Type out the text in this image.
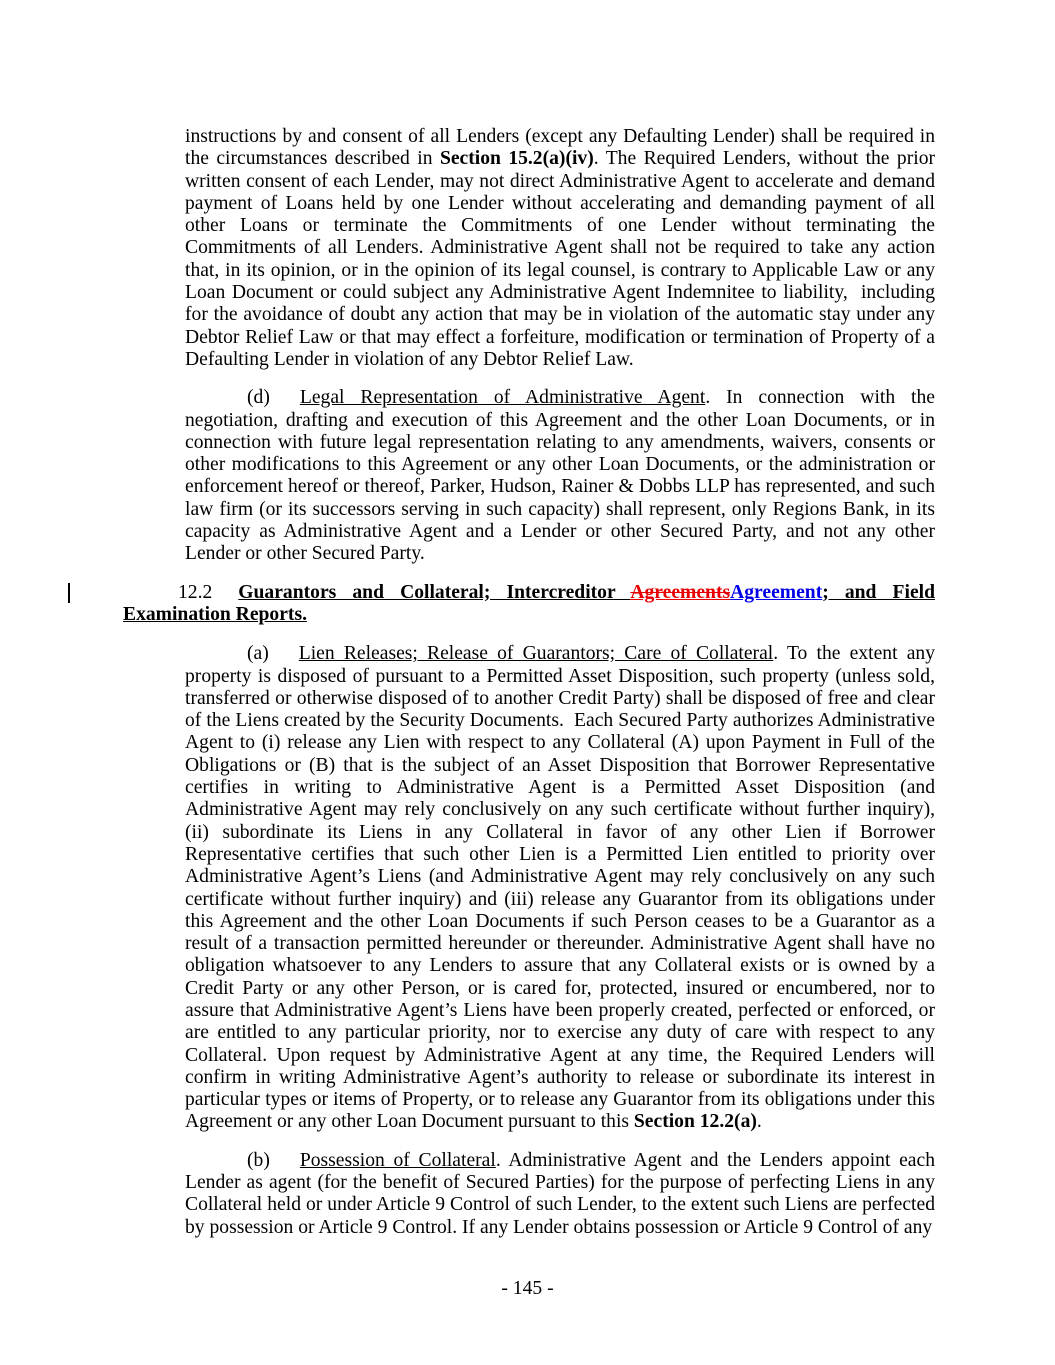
instructions by and consent of all Lenders (except any Defaulting Lender) shall be required in the circumstances described in Section 15.2(a)(iv). The Required Lenders, without the prior written consent of each Lender, may not direct Administrative Agent to accelerate and demand payment of Loans held by one Lender without accelerating and demanding payment of all other Loans or terminate the Commitments of one Lender without terminating the Commitments of all Lenders. Administrative Agent shall not be required to take any action that, in its opinion, or in the opinion of its legal counsel, is contrary to Applicable Law or any Loan Document or could subject any Administrative Agent Indemnitee to liability,  including for the avoidance of doubt any action that may be in violation of the automatic stay under any Debtor Relief Law or that may effect a forfeiture, modification or termination of Property of a Defaulting Lender in violation of any Debtor Relief Law.

(d) Legal Representation of Administrative Agent. In connection with the negotiation, drafting and execution of this Agreement and the other Loan Documents, or in connection with future legal representation relating to any amendments, waivers, consents or other modifications to this Agreement or any other Loan Documents, or the administration or enforcement hereof or thereof, Parker, Hudson, Rainer & Dobbs LLP has represented, and such law firm (or its successors serving in such capacity) shall represent, only Regions Bank, in its capacity as Administrative Agent and a Lender or other Secured Party, and not any other Lender or other Secured Party.

12.2 Guarantors and Collateral; Intercreditor AgreementsAgreement; and Field Examination Reports.

(a) Lien Releases; Release of Guarantors; Care of Collateral. To the extent any property is disposed of pursuant to a Permitted Asset Disposition, such property (unless sold, transferred or otherwise disposed of to another Credit Party) shall be disposed of free and clear of the Liens created by the Security Documents.  Each Secured Party authorizes Administrative Agent to (i) release any Lien with respect to any Collateral (A) upon Payment in Full of the Obligations or (B) that is the subject of an Asset Disposition that Borrower Representative certifies in writing to Administrative Agent is a Permitted Asset Disposition (and Administrative Agent may rely conclusively on any such certificate without further inquiry), (ii) subordinate its Liens in any Collateral in favor of any other Lien if Borrower Representative certifies that such other Lien is a Permitted Lien entitled to priority over Administrative Agent’s Liens (and Administrative Agent may rely conclusively on any such certificate without further inquiry) and (iii) release any Guarantor from its obligations under this Agreement and the other Loan Documents if such Person ceases to be a Guarantor as a result of a transaction permitted hereunder or thereunder. Administrative Agent shall have no obligation whatsoever to any Lenders to assure that any Collateral exists or is owned by a Credit Party or any other Person, or is cared for, protected, insured or encumbered, nor to assure that Administrative Agent’s Liens have been properly created, perfected or enforced, or are entitled to any particular priority, nor to exercise any duty of care with respect to any Collateral. Upon request by Administrative Agent at any time, the Required Lenders will confirm in writing Administrative Agent’s authority to release or subordinate its interest in particular types or items of Property, or to release any Guarantor from its obligations under this Agreement or any other Loan Document pursuant to this Section 12.2(a).

(b) Possession of Collateral. Administrative Agent and the Lenders appoint each Lender as agent (for the benefit of Secured Parties) for the purpose of perfecting Liens in any Collateral held or under Article 9 Control of such Lender, to the extent such Liens are perfected by possession or Article 9 Control. If any Lender obtains possession or Article 9 Control of any

- 145 -
